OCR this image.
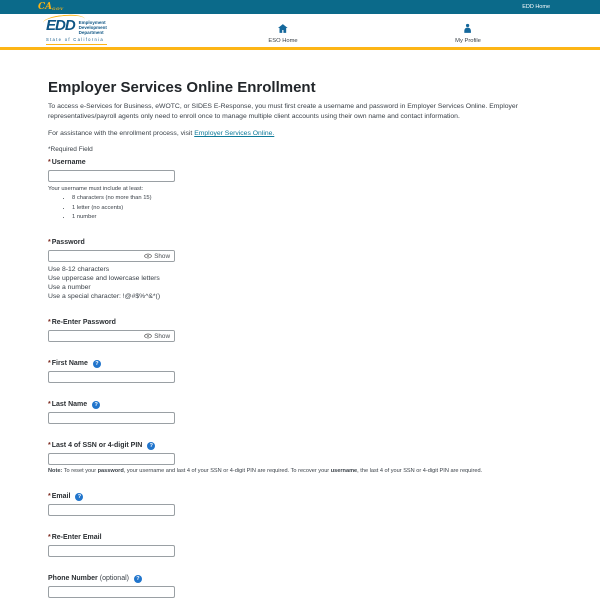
CAGOV	EDD Home
EDD Employment
Development
Department
State of California	ESO Home	My Profile
Employer Services Online Enrollment

To access e-Services for Business, eWOTC, or SIDES E-Response, you must first create a username and password in Employer Services Online. Employer representatives/payroll agents only need to enroll once to manage multiple client accounts using their own name and contact information.

For assistance with the enrollment process, visit Employer Services Online.

*Required Field

* Username
Your username must include at least:
• 8 characters (no more than 15)
• 1 letter (no accents)
• 1 number
* Password
Show
Use 8-12 characters
Use uppercase and lowercase letters
Use a number
Use a special character: !@#$%^&*()
* Re-Enter Password
Show
* First Name	?
* Last Name	?
* Last 4 of SSN or 4-digit PIN	?

Note: To reset your password, your username and last 4 of your SSN or 4-digit PIN are required. To recover your username, the last 4 of your SSN or 4-digit PIN are required.

* Email	?
* Re-Enter Email
Phone Number (optional)	?
